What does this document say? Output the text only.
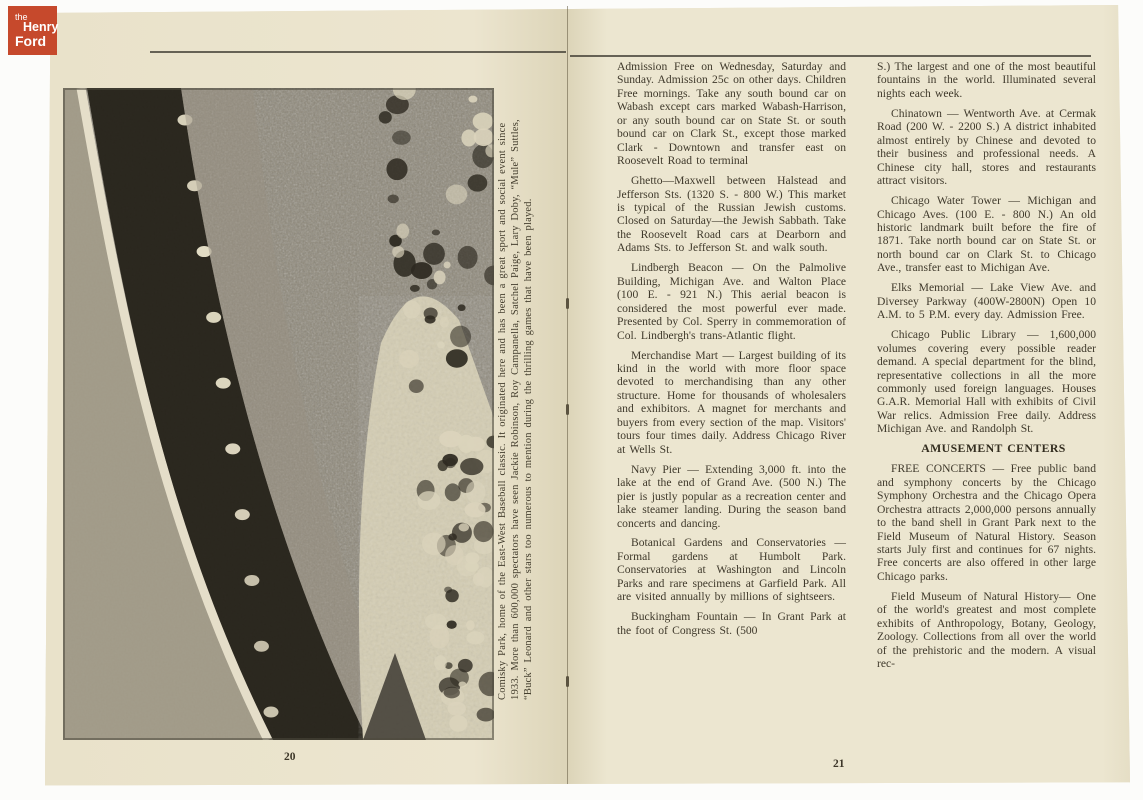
the
Henry
Ford
Comisky Park, home of the East-West Baseball classic. It originated here and has been a great sport and social event since 1933. More than 600,000 spectators have seen Jackie Robinson, Roy Campanella, Satchel Paige, Lary Doby, “Mule” Suttles, “Buck” Leonard and other stars too numerous to mention during the thrilling games that have been played.

Admission Free on Wednesday, Saturday and Sunday. Admission 25c on other days. Children Free mornings. Take any south bound car on Wabash except cars marked Wabash-Harrison, or any south bound car on State St. or south bound car on Clark St., except those marked Clark - Downtown and transfer east on Roosevelt Road to terminal

Ghetto—Maxwell between Halstead and Jefferson Sts. (1320 S. - 800 W.) This market is typical of the Russian Jewish customs. Closed on Saturday—the Jewish Sabbath. Take the Roosevelt Road cars at Dearborn and Adams Sts. to Jefferson St. and walk south.

Lindbergh Beacon — On the Palmolive Building, Michigan Ave. and Walton Place (100 E. - 921 N.) This aerial beacon is considered the most powerful ever made. Presented by Col. Sperry in commemoration of Col. Lindbergh's trans-Atlantic flight.

Merchandise Mart — Largest building of its kind in the world with more floor space devoted to merchandising than any other structure. Home for thousands of wholesalers and exhibitors. A magnet for merchants and buyers from every section of the map. Visitors' tours four times daily. Address Chicago River at Wells St.

Navy Pier — Extending 3,000 ft. into the lake at the end of Grand Ave. (500 N.) The pier is justly popular as a recreation center and lake steamer landing. During the season band concerts and dancing.

Botanical Gardens and Conservatories — Formal gardens at Humbolt Park. Conservatories at Washington and Lincoln Parks and rare specimens at Garfield Park. All are visited annually by millions of sightseers.

Buckingham Fountain — In Grant Park at the foot of Congress St. (500

S.) The largest and one of the most beautiful fountains in the world. Illuminated several nights each week.

Chinatown — Wentworth Ave. at Cermak Road (200 W. - 2200 S.) A district inhabited almost entirely by Chinese and devoted to their business and professional needs. A Chinese city hall, stores and restaurants attract visitors.

Chicago Water Tower — Michigan and Chicago Aves. (100 E. - 800 N.) An old historic landmark built before the fire of 1871. Take north bound car on State St. or north bound car on Clark St. to Chicago Ave., transfer east to Michigan Ave.

Elks Memorial — Lake View Ave. and Diversey Parkway (400W-2800N) Open 10 A.M. to 5 P.M. every day. Admission Free.

Chicago Public Library — 1,600,000 volumes covering every possible reader demand. A special department for the blind, representative collections in all the more commonly used foreign languages. Houses G.A.R. Memorial Hall with exhibits of Civil War relics. Admission Free daily. Address Michigan Ave. and Randolph St.

AMUSEMENT CENTERS

FREE CONCERTS — Free public band and symphony concerts by the Chicago Symphony Orchestra and the Chicago Opera Orchestra attracts 2,000,000 persons annually to the band shell in Grant Park next to the Field Museum of Natural History. Season starts July first and continues for 67 nights. Free concerts are also offered in other large Chicago parks.

Field Museum of Natural History— One of the world's greatest and most complete exhibits of Anthropology, Botany, Geology, Zoology. Collections from all over the world of the prehistoric and the modern. A visual rec-

20
21
